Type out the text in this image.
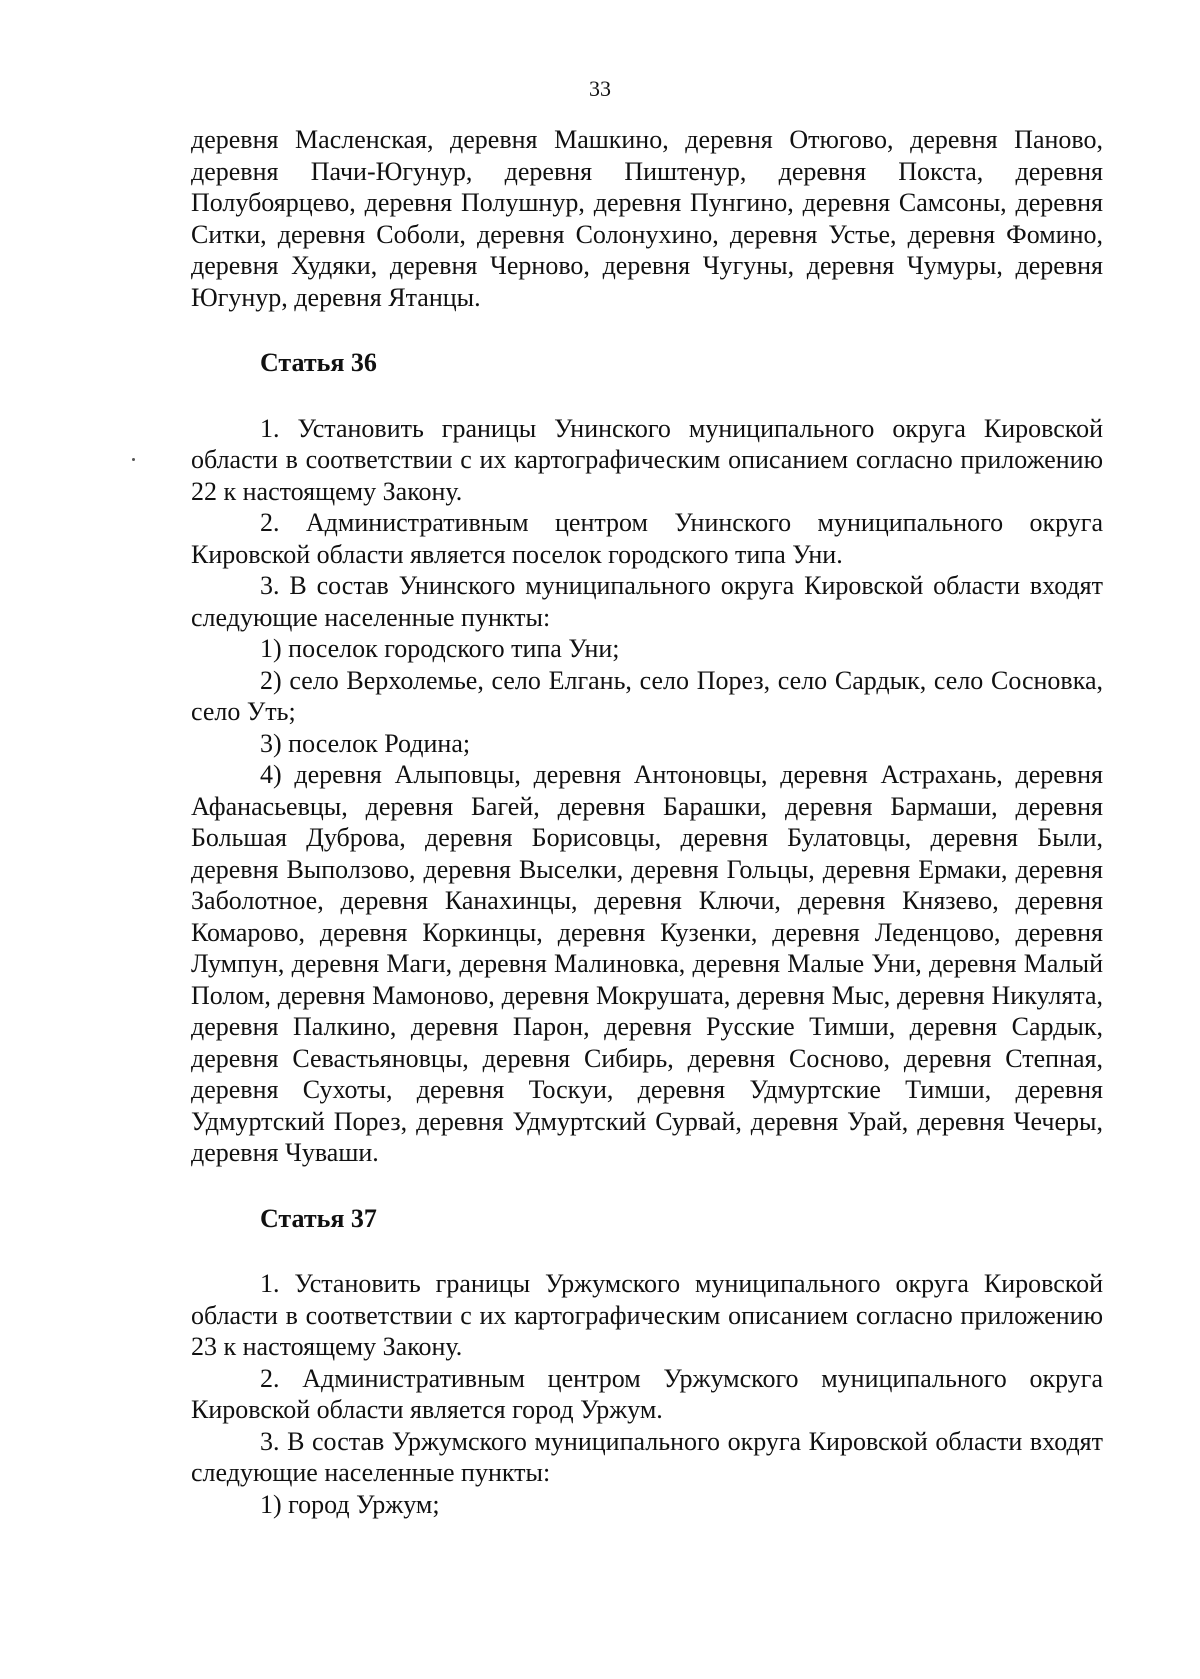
33

деревня Масленская, деревня Машкино, деревня Отюгово, деревня Паново, деревня Пачи-Югунур, деревня Пиштенур, деревня Покста, деревня Полубоярцево, деревня Полушнур, деревня Пунгино, деревня Самсоны, деревня Ситки, деревня Соболи, деревня Солонухино, деревня Устье, деревня Фомино, деревня Худяки, деревня Черново, деревня Чугуны, деревня Чумуры, деревня Югунур, деревня Ятанцы.

Статья 36

1. Установить границы Унинского муниципального округа Кировской области в соответствии с их картографическим описанием согласно приложению 22 к настоящему Закону.

2. Административным центром Унинского муниципального округа Кировской области является поселок городского типа Уни.

3. В состав Унинского муниципального округа Кировской области входят следующие населенные пункты:

1) поселок городского типа Уни;

2) село Верхолемье, село Елгань, село Порез, село Сардык, село Сосновка, село Уть;

3) поселок Родина;

4) деревня Алыповцы, деревня Антоновцы, деревня Астрахань, деревня Афанасьевцы, деревня Багей, деревня Барашки, деревня Бармаши, деревня Большая Дуброва, деревня Борисовцы, деревня Булатовцы, деревня Были, деревня Выползово, деревня Выселки, деревня Гольцы, деревня Ермаки, деревня Заболотное, деревня Канахинцы, деревня Ключи, деревня Князево, деревня Комарово, деревня Коркинцы, деревня Кузенки, деревня Леденцово, деревня Лумпун, деревня Маги, деревня Малиновка, деревня Малые Уни, деревня Малый Полом, деревня Мамоново, деревня Мокрушата, деревня Мыс, деревня Никулята, деревня Палкино, деревня Парон, деревня Русские Тимши, деревня Сардык, деревня Севастьяновцы, деревня Сибирь, деревня Сосново, деревня Степная, деревня Сухоты, деревня Тоскуи, деревня Удмуртские Тимши, деревня Удмуртский Порез, деревня Удмуртский Сурвай, деревня Урай, деревня Чечеры, деревня Чуваши.

Статья 37

1. Установить границы Уржумского муниципального округа Кировской области в соответствии с их картографическим описанием согласно приложению 23 к настоящему Закону.

2. Административным центром Уржумского муниципального округа Кировской области является город Уржум.

3. В состав Уржумского муниципального округа Кировской области входят следующие населенные пункты:

1) город Уржум;
